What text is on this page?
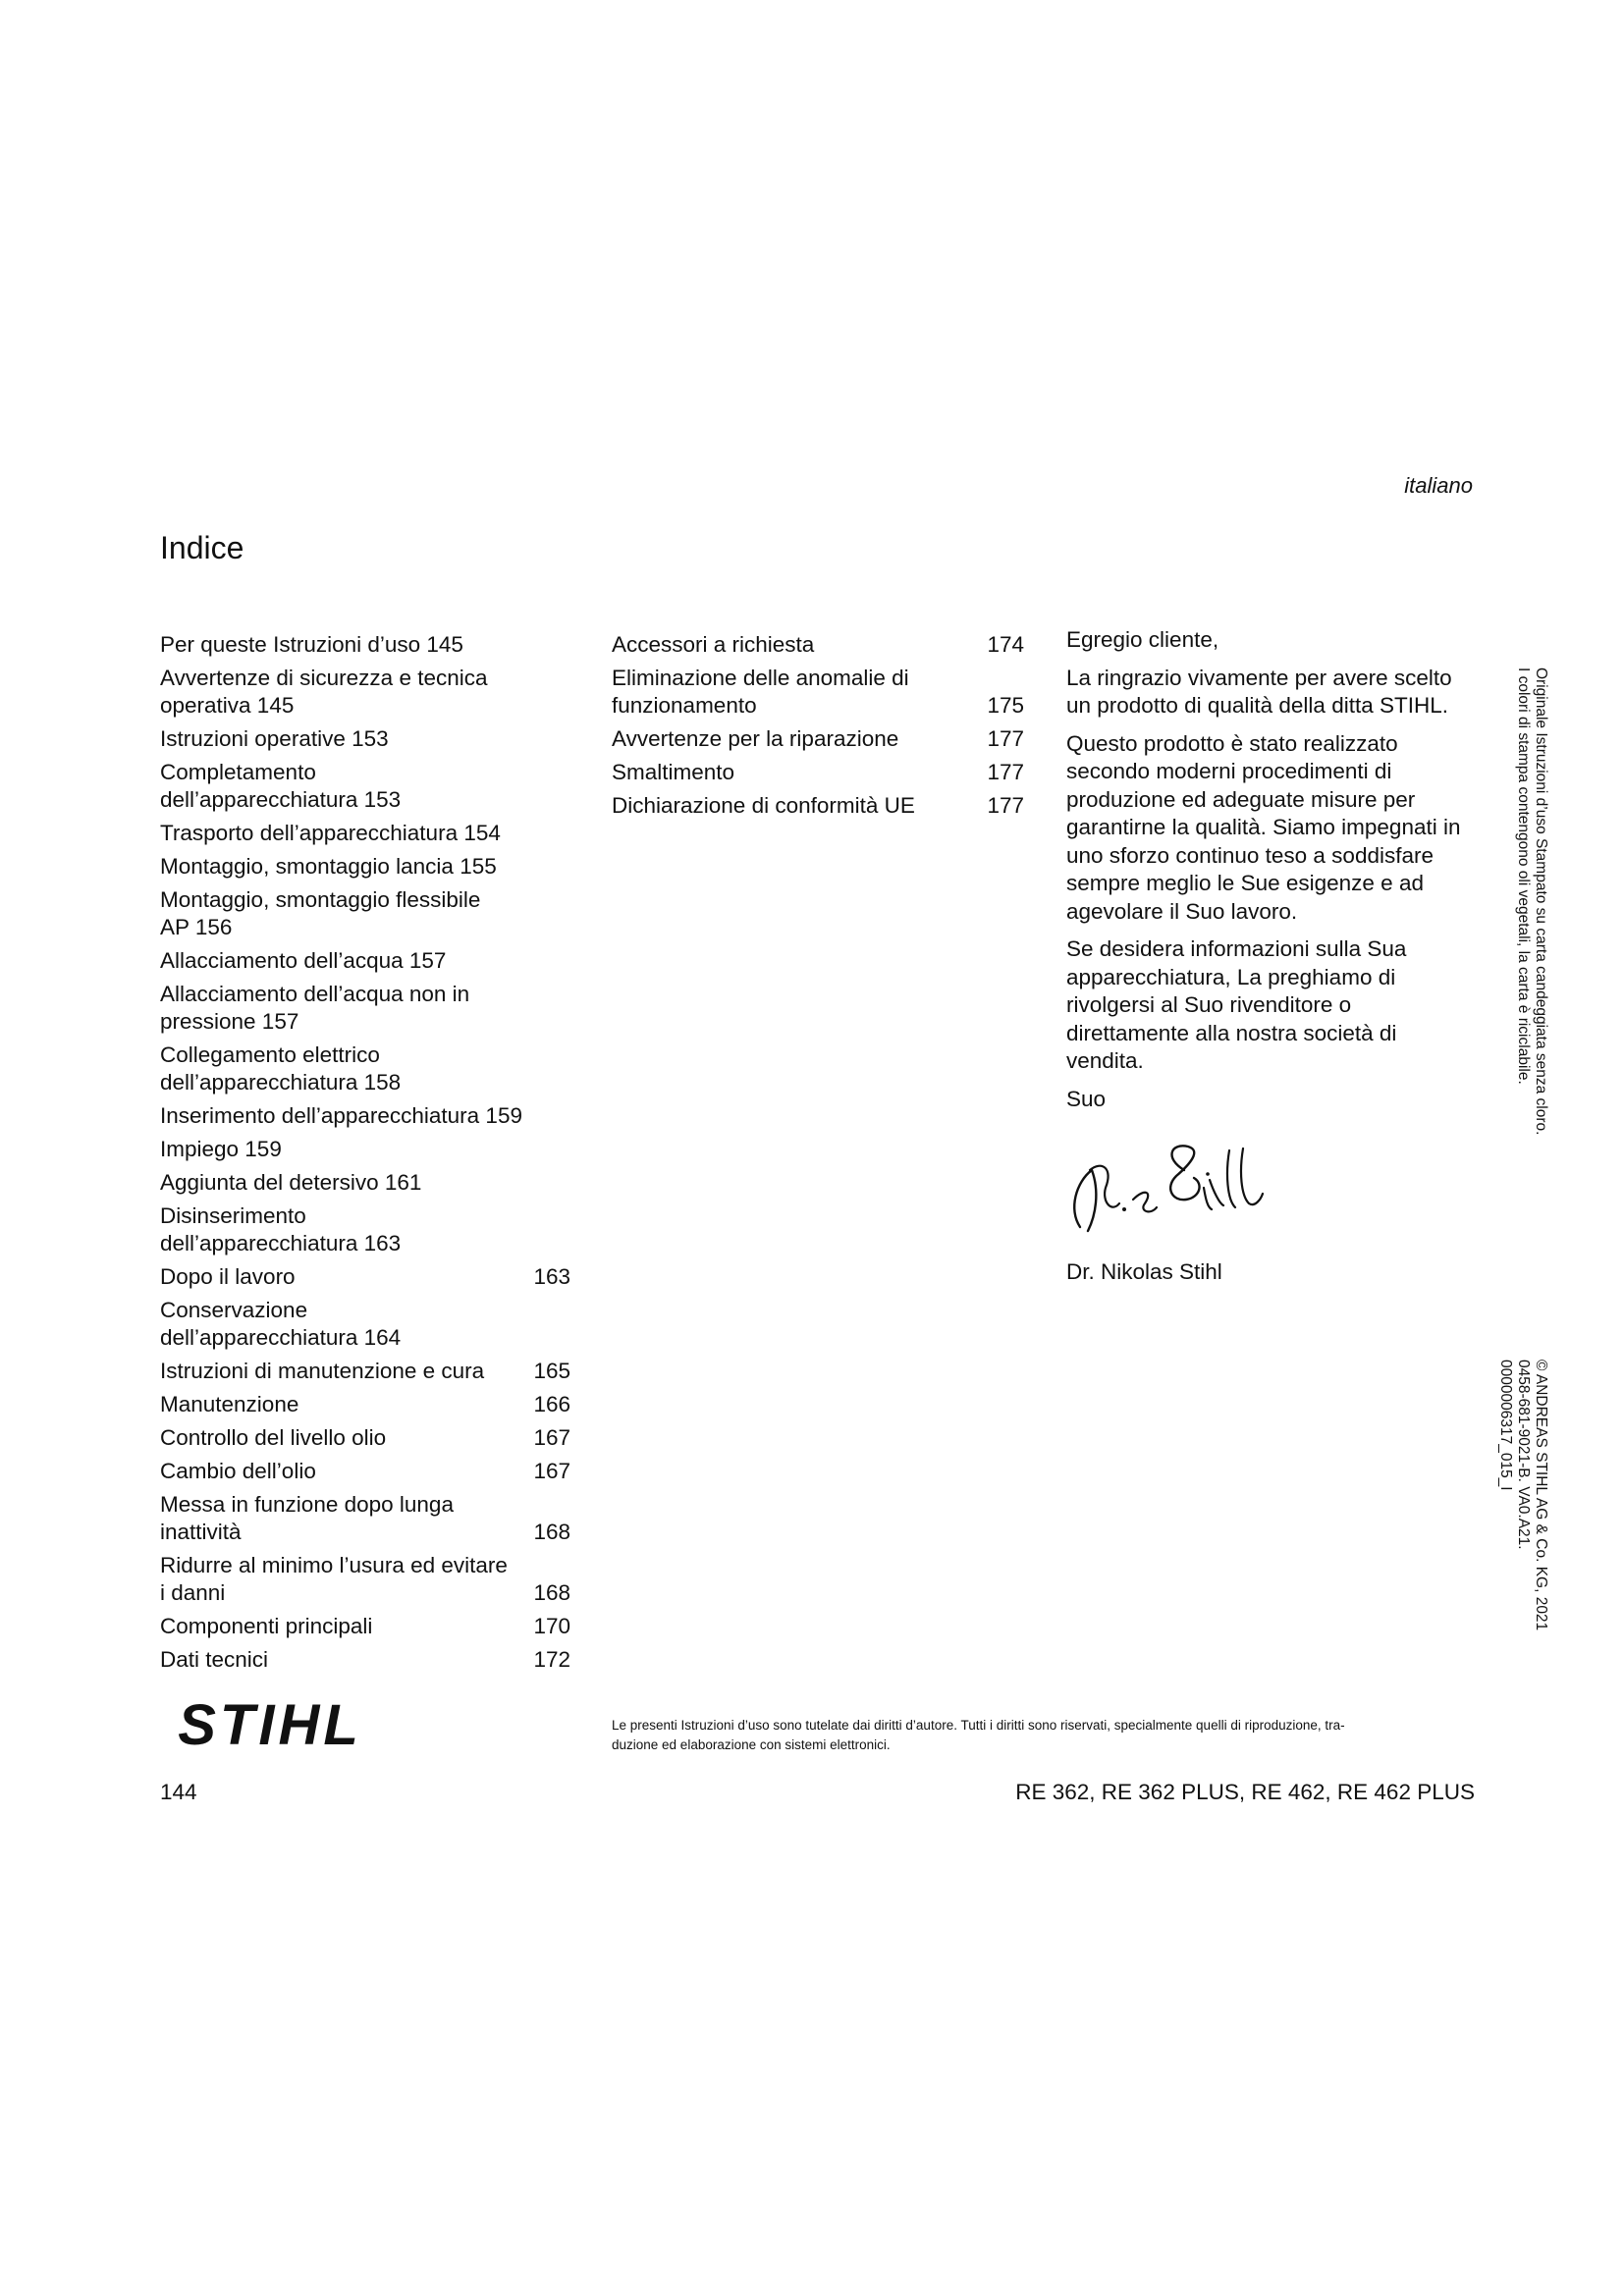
italiano
Indice
Per queste Istruzioni d’uso 145
Avvertenze di sicurezza e tecnica
operativa 145
Istruzioni operative 153
Completamento
dell’apparecchiatura 153
Trasporto dell’apparecchiatura 154
Montaggio, smontaggio lancia 155
Montaggio, smontaggio flessibile
AP 156
Allacciamento dell’acqua 157
Allacciamento dell’acqua non in
pressione 157
Collegamento elettrico
dell’apparecchiatura 158
Inserimento dell’apparecchiatura 159
Impiego 159
Aggiunta del detersivo 161
Disinserimento
dell’apparecchiatura 163
Dopo il lavoro	163
Conservazione
dell’apparecchiatura 164
Istruzioni di manutenzione e cura	165
Manutenzione	166
Controllo del livello olio	167
Cambio dell’olio	167
Messa in funzione dopo lunga
inattività	168
Ridurre al minimo l’usura ed evitare
i danni	168
Componenti principali	170
Dati tecnici	172
Accessori a richiesta	174
Eliminazione delle anomalie di
funzionamento	175
Avvertenze per la riparazione	177
Smaltimento	177
Dichiarazione di conformità UE	177

Egregio cliente,

La ringrazio vivamente per avere scelto
un prodotto di qualità della ditta STIHL.

Questo prodotto è stato realizzato
secondo moderni procedimenti di
produzione ed adeguate misure per
garantirne la qualità. Siamo impegnati in
uno sforzo continuo teso a soddisfare
sempre meglio le Sue esigenze e ad
agevolare il Suo lavoro.

Se desidera informazioni sulla Sua
apparecchiatura, La preghiamo di
rivolgersi al Suo rivenditore o
direttamente alla nostra società di
vendita.

Suo

Dr. Nikolas Stihl
Originale Istruzioni d’uso Stampato su carta candeggiata senza cloro.
I colori di stampa contengono oli vegetali, la carta è riciclabile.
© ANDREAS STIHL AG & Co. KG, 2021
0458-681-9021-B. VA0.A21.
0000006317_015_I
STIHL	Le presenti Istruzioni d’uso sono tutelate dai diritti d’autore. Tutti i diritti sono riservati, specialmente quelli di riproduzione, tra-
duzione ed elaborazione con sistemi elettronici.
144	RE 362, RE 362 PLUS, RE 462, RE 462 PLUS
